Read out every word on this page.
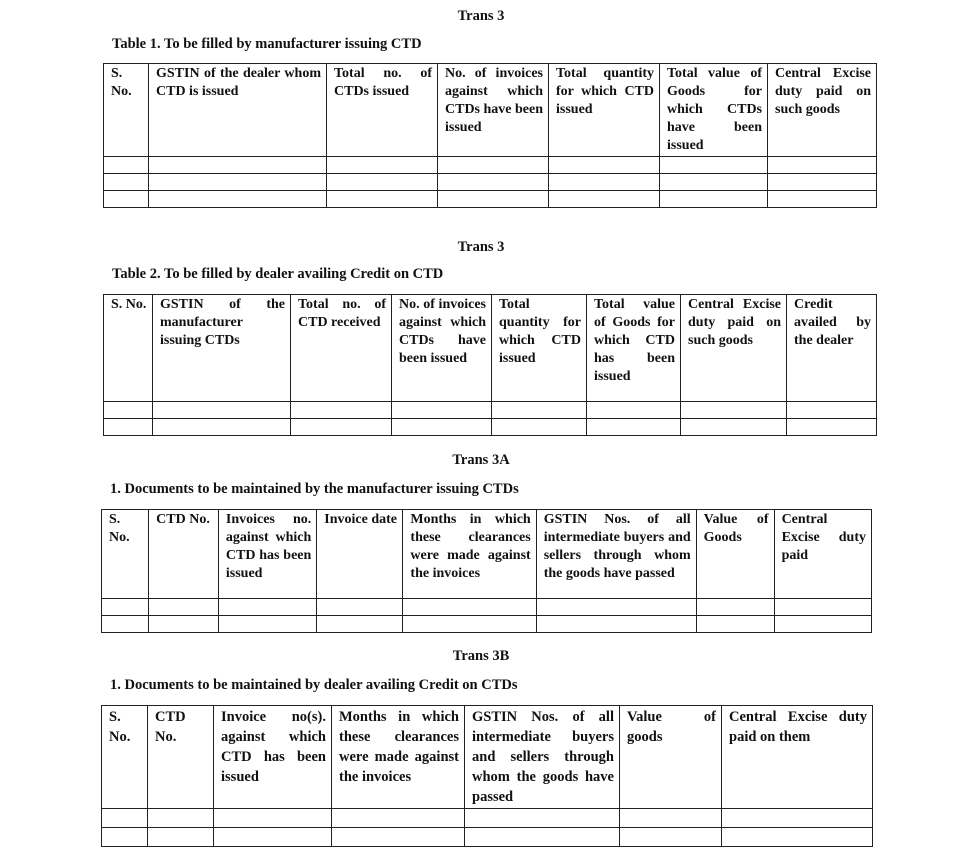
Trans 3
Table 1. To be filled by manufacturer issuing CTD
S. No.	GSTIN of the dealer whom CTD is issued	Total no. of CTDs issued	No. of invoices against which CTDs have been issued	Total quantity for which CTD issued	Total value of Goods for which CTDs have been issued	Central Excise duty paid on such goods

Trans 3
Table 2. To be filled by dealer availing Credit on CTD
S. No.	GSTIN of the manufacturer issuing CTDs	Total no. of CTD received	No. of invoices against which CTDs have been issued	Total quantity for which CTD issued	Total value of Goods for which CTD has been issued	Central Excise duty paid on such goods	Credit availed by the dealer

Trans 3A
1. Documents to be maintained by the manufacturer issuing CTDs
S. No.	CTD No.	Invoices no. against which CTD has been issued	Invoice date	Months in which these clearances were made against the invoices	GSTIN Nos. of all intermediate buyers and sellers through whom the goods have passed	Value of Goods	Central Excise duty paid

Trans 3B
1. Documents to be maintained by dealer availing Credit on CTDs
S. No.	CTD No.	Invoice no(s). against which CTD has been issued	Months in which these clearances were made against the invoices	GSTIN Nos. of all intermediate buyers and sellers through whom the goods have passed	Value of goods	Central Excise duty paid on them
